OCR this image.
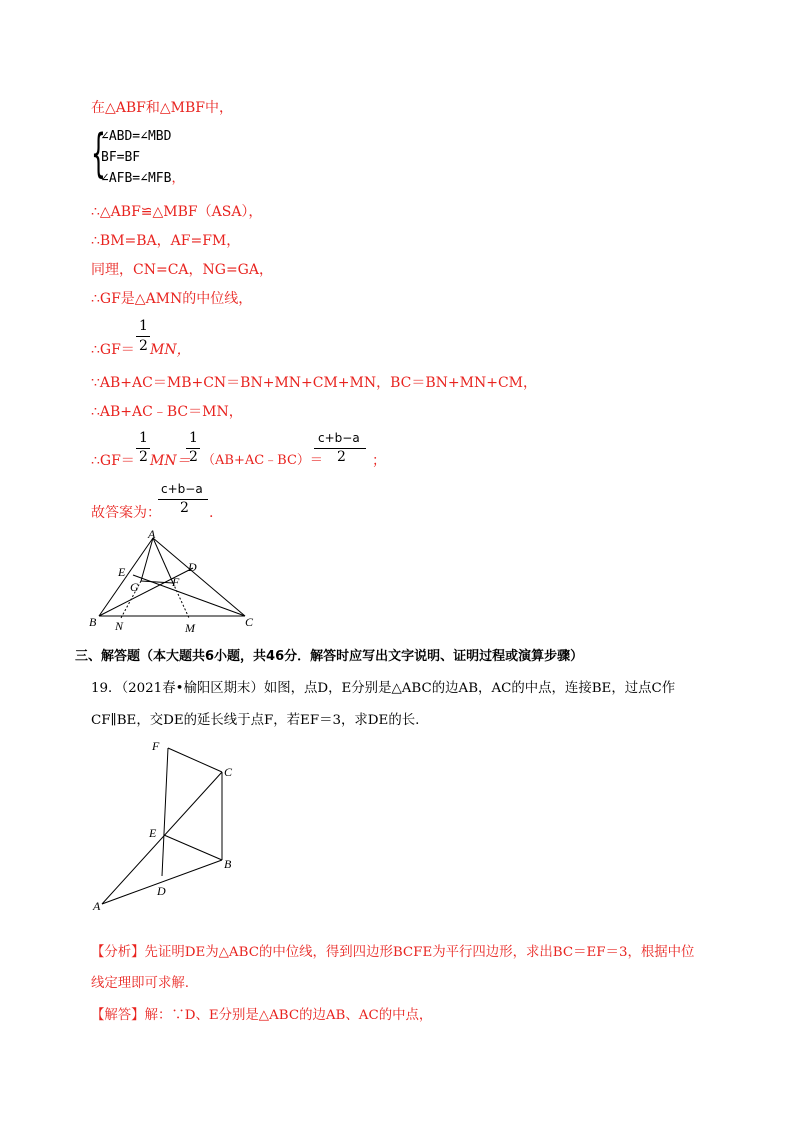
在△ABF和△MBF中，
{
∠ABD=∠MBD
BF=BF
∠AFB=∠MFB，
∴△ABF≌△MBF（ASA），
∴BM=BA，AF=FM，
同理，CN=CA，NG=GA，
∴GF是△AMN的中位线，
∴GF＝
1
2 MN，
∵AB+AC＝MB+CN＝BN+MN+CM+MN，BC＝BN+MN+CM，
∴AB+AC﹣BC＝MN，
∴GF＝
1
2 MN＝
1
2 （AB+AC﹣BC）＝
c+b−a
2 ；
故答案为：
c+b−a
2 .
A
D
E
F
G
B	C
N	M
三、解答题（本大题共6小题，共46分．解答时应写出文字说明、证明过程或演算步骤）
19．（2021春•榆阳区期末）如图，点D，E分别是△ABC的边AB，AC的中点，连接BE，过点C作
CF∥BE，交DE的延长线于点F，若EF＝3，求DE的长.
F
C
E
B
D
A
【分析】先证明DE为△ABC的中位线，得到四边形BCFE为平行四边形，求出BC＝EF＝3，根据中位
线定理即可求解.
【解答】解：∵D、E分别是△ABC的边AB、AC的中点，
